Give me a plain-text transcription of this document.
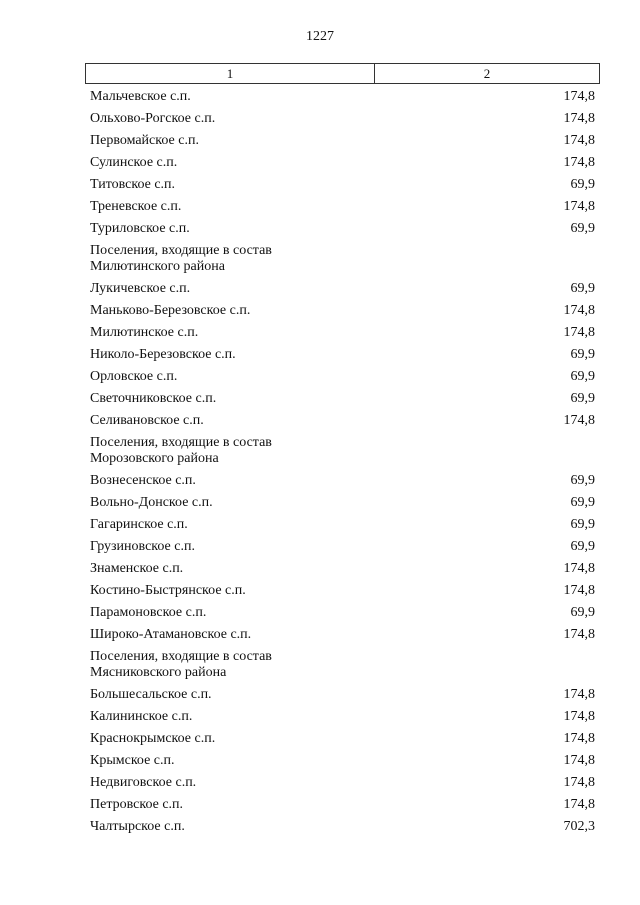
1227
1	2
Мальчевское с.п.	174,8
Ольхово-Рогское с.п.	174,8
Первомайское с.п.	174,8
Сулинское с.п.	174,8
Титовское с.п.	69,9
Треневское с.п.	174,8
Туриловское с.п.	69,9
Поселения, входящие в состав
Милютинского района
Лукичевское с.п.	69,9
Маньково-Березовское с.п.	174,8
Милютинское с.п.	174,8
Николо-Березовское с.п.	69,9
Орловское с.п.	69,9
Светочниковское с.п.	69,9
Селивановское с.п.	174,8
Поселения, входящие в состав
Морозовского района
Вознесенское с.п.	69,9
Вольно-Донское с.п.	69,9
Гагаринское с.п.	69,9
Грузиновское с.п.	69,9
Знаменское с.п.	174,8
Костино-Быстрянское с.п.	174,8
Парамоновское с.п.	69,9
Широко-Атамановское с.п.	174,8
Поселения, входящие в состав
Мясниковского района
Большесальское с.п.	174,8
Калининское с.п.	174,8
Краснокрымское с.п.	174,8
Крымское с.п.	174,8
Недвиговское с.п.	174,8
Петровское с.п.	174,8
Чалтырское с.п.	702,3
